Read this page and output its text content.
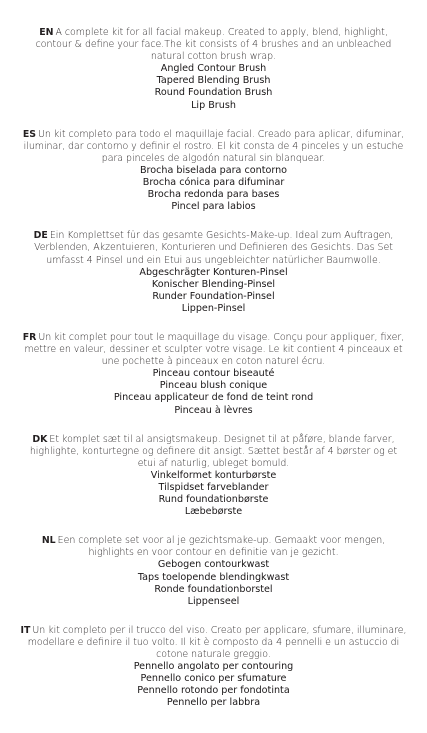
EN A complete kit for all facial makeup. Created to apply, blend, highlight, contour & define your face.The kit consists of 4 brushes and an unbleached natural cotton brush wrap.

Angled Contour Brush
Tapered Blending Brush
Round Foundation Brush
Lip Brush

ES Un kit completo para todo el maquillaje facial. Creado para aplicar, difuminar, iluminar, dar contorno y definir el rostro. El kit consta de 4 pinceles y un estuche para pinceles de algodón natural sin blanquear.

Brocha biselada para contorno
Brocha cónica para difuminar
Brocha redonda para bases
Pincel para labios

DE Ein Komplettset für das gesamte Gesichts-Make-up. Ideal zum Auftragen, Verblenden, Akzentuieren, Konturieren und Definieren des Gesichts. Das Set umfasst 4 Pinsel und ein Etui aus ungebleichter natürlicher Baumwolle.

Abgeschrägter Konturen-Pinsel
Konischer Blending-Pinsel
Runder Foundation-Pinsel
Lippen-Pinsel

FR Un kit complet pour tout le maquillage du visage. Conçu pour appliquer, fixer, mettre en valeur, dessiner et sculpter votre visage. Le kit contient 4 pinceaux et une pochette à pinceaux en coton naturel écru.

Pinceau contour biseauté
Pinceau blush conique
Pinceau applicateur de fond de teint rond
Pinceau à lèvres

DK Et komplet sæt til al ansigtsmakeup. Designet til at påføre, blande farver, highlighte, konturtegne og definere dit ansigt. Sættet består af 4 børster og et etui af naturlig, ubleget bomuld.

Vinkelformet konturbørste
Tilspidset farveblander
Rund foundationbørste
Læbebørste

NL Een complete set voor al je gezichtsmake-up. Gemaakt voor mengen, highlights en voor contour en definitie van je gezicht.

Gebogen contourkwast
Taps toelopende blendingkwast
Ronde foundationborstel
Lippenseel

IT Un kit completo per il trucco del viso. Creato per applicare, sfumare, illuminare, modellare e definire il tuo volto. Il kit è composto da 4 pennelli e un astuccio di cotone naturale greggio.

Pennello angolato per contouring
Pennello conico per sfumature
Pennello rotondo per fondotinta
Pennello per labbra
